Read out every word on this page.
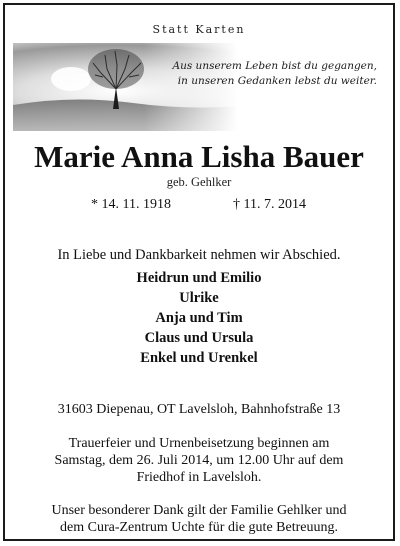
Statt Karten
Aus unserem Leben bist du gegangen,
in unseren Gedanken lebst du weiter.
Marie Anna Lisha Bauer
geb. Gehlker
* 14. 11. 1918	† 11. 7. 2014
In Liebe und Dankbarkeit nehmen wir Abschied.
Heidrun und Emilio
Ulrike
Anja und Tim
Claus und Ursula
Enkel und Urenkel
31603 Diepenau, OT Lavelsloh, Bahnhofstraße 13
Trauerfeier und Urnenbeisetzung beginnen am
Samstag, dem 26. Juli 2014, um 12.00 Uhr auf dem
Friedhof in Lavelsloh.
Unser besonderer Dank gilt der Familie Gehlker und
dem Cura-Zentrum Uchte für die gute Betreuung.
